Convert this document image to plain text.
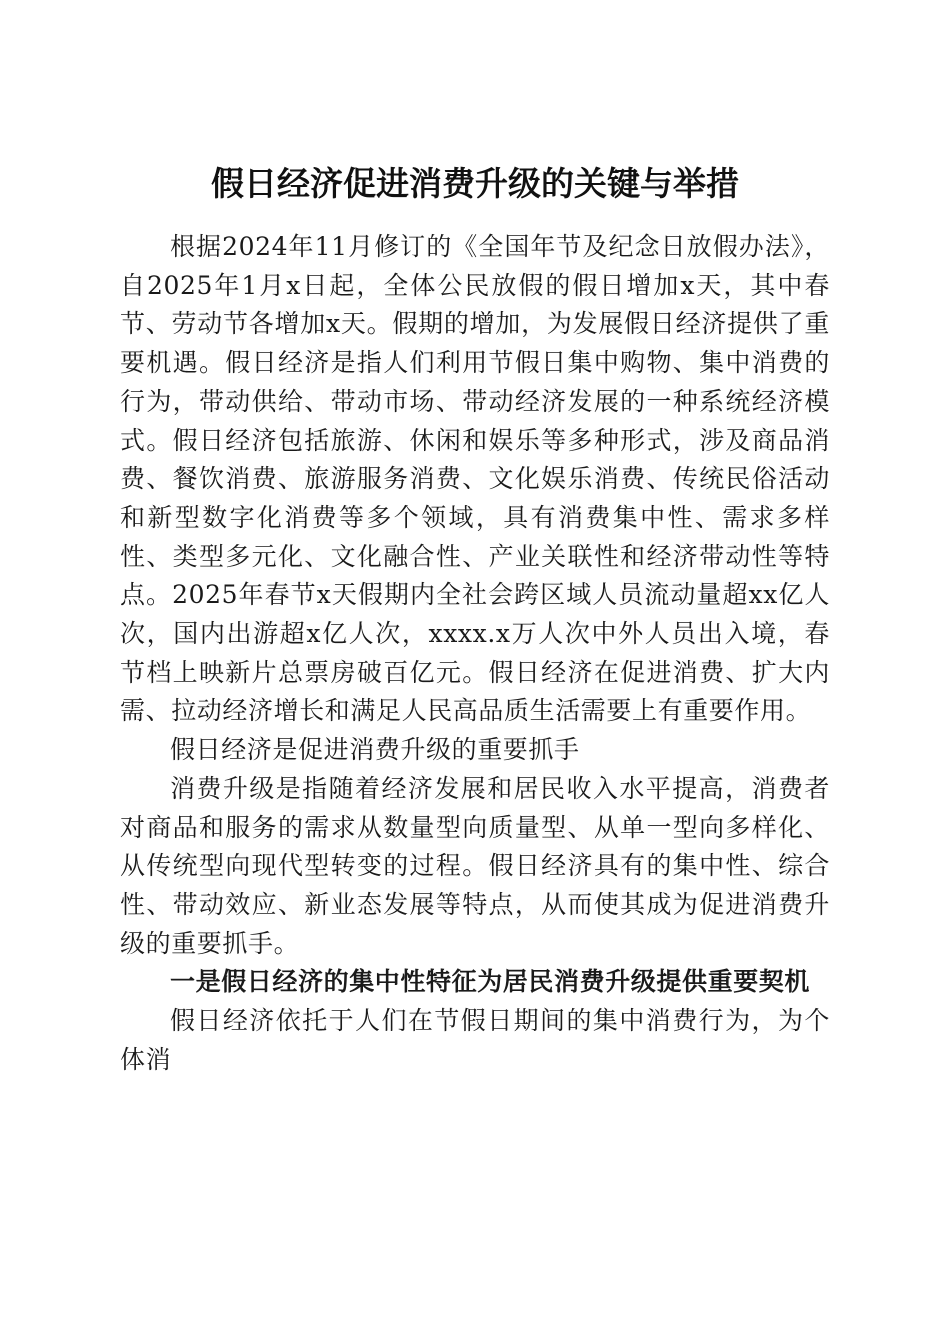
假日经济促进消费升级的关键与举措

根据2024年11月修订的《全国年节及纪念日放假办法》，自2025年1月x日起，全体公民放假的假日增加x天，其中春节、劳动节各增加x天。假期的增加，为发展假日经济提供了重要机遇。假日经济是指人们利用节假日集中购物、集中消费的行为，带动供给、带动市场、带动经济发展的一种系统经济模式。假日经济包括旅游、休闲和娱乐等多种形式，涉及商品消费、餐饮消费、旅游服务消费、文化娱乐消费、传统民俗活动和新型数字化消费等多个领域，具有消费集中性、需求多样性、类型多元化、文化融合性、产业关联性和经济带动性等特点。2025年春节x天假期内全社会跨区域人员流动量超xx亿人次，国内出游超x亿人次，xxxx.x万人次中外人员出入境，春节档上映新片总票房破百亿元。假日经济在促进消费、扩大内需、拉动经济增长和满足人民高品质生活需要上有重要作用。

假日经济是促进消费升级的重要抓手

消费升级是指随着经济发展和居民收入水平提高，消费者对商品和服务的需求从数量型向质量型、从单一型向多样化、从传统型向现代型转变的过程。假日经济具有的集中性、综合性、带动效应、新业态发展等特点，从而使其成为促进消费升级的重要抓手。

一是假日经济的集中性特征为居民消费升级提供重要契机

假日经济依托于人们在节假日期间的集中消费行为，为个体消
